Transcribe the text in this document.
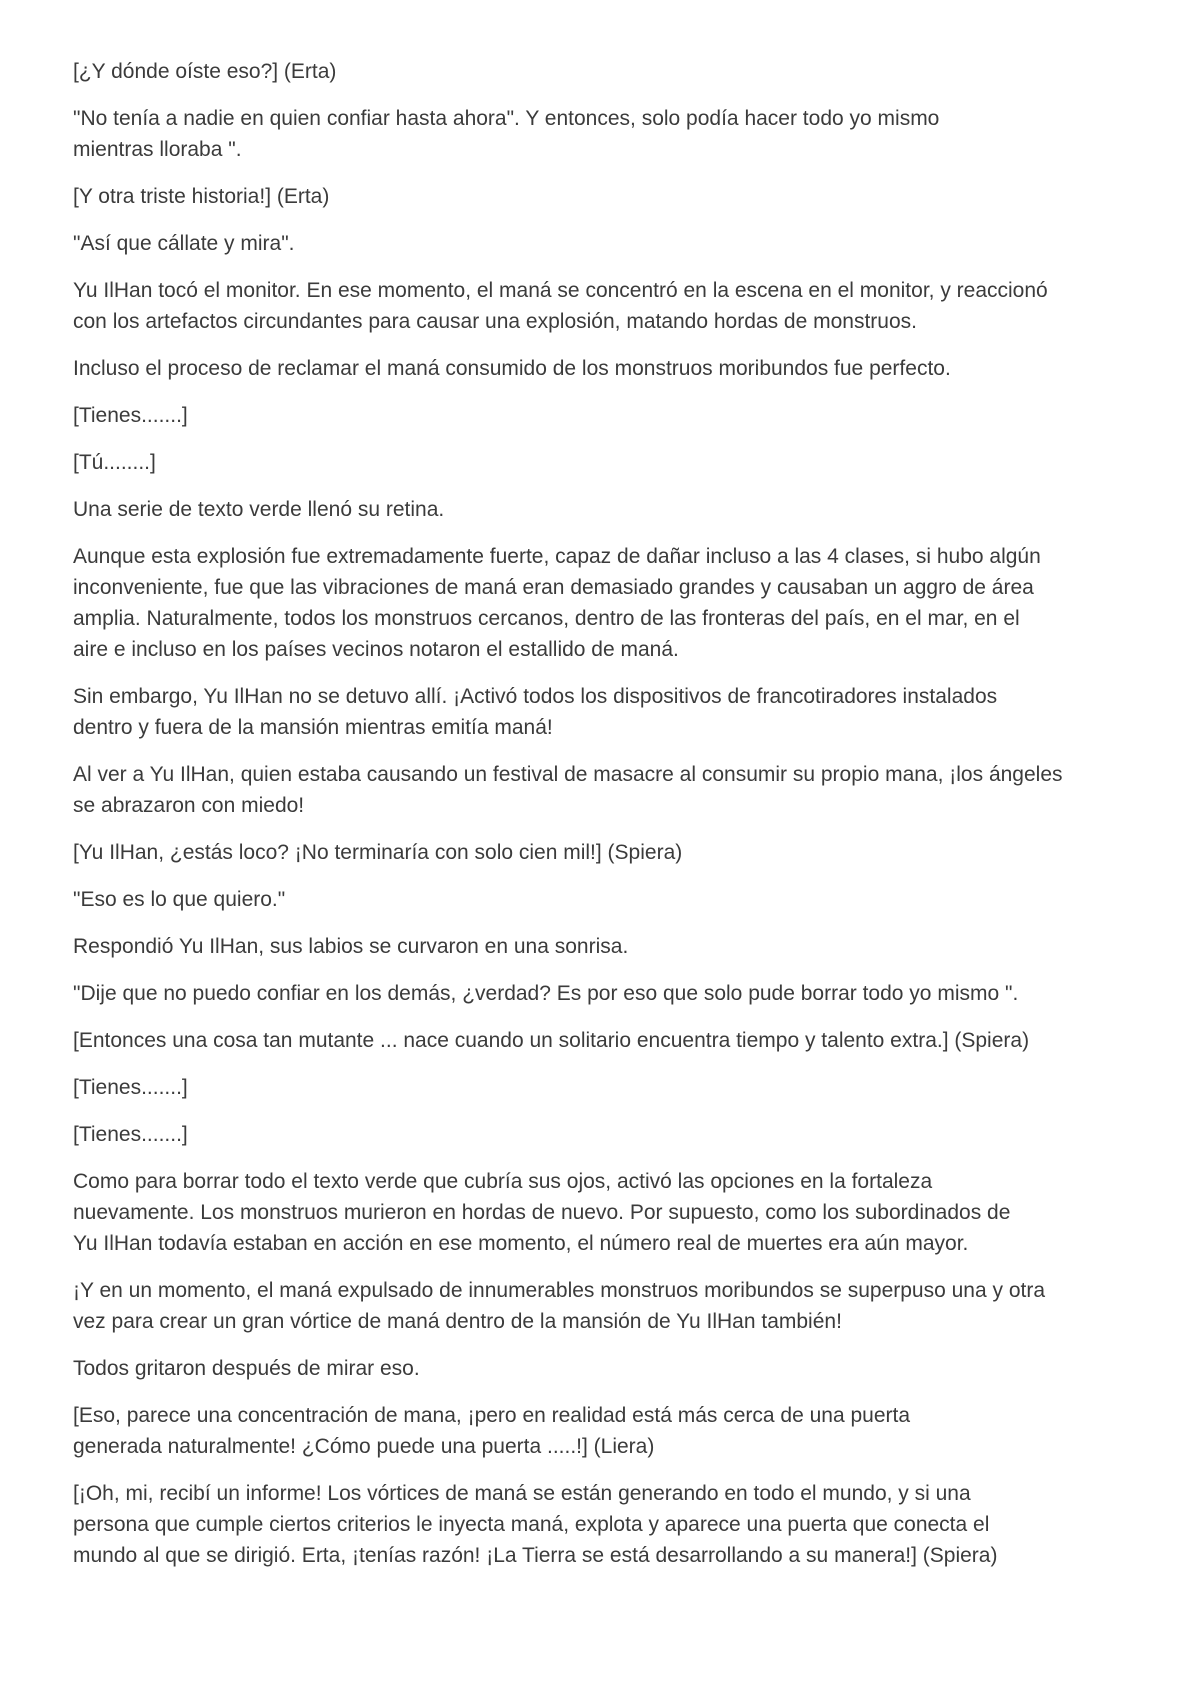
[¿Y dónde oíste eso?] (Erta)

"No tenía a nadie en quien confiar hasta ahora". Y entonces, solo podía hacer todo yo mismo
mientras lloraba ".

[Y otra triste historia!] (Erta)

"Así que cállate y mira".

Yu IlHan tocó el monitor. En ese momento, el maná se concentró en la escena en el monitor, y reaccionó
con los artefactos circundantes para causar una explosión, matando hordas de monstruos.

Incluso el proceso de reclamar el maná consumido de los monstruos moribundos fue perfecto.

[Tienes.......]

[Tú........]

Una serie de texto verde llenó su retina.

Aunque esta explosión fue extremadamente fuerte, capaz de dañar incluso a las 4 clases, si hubo algún
inconveniente, fue que las vibraciones de maná eran demasiado grandes y causaban un aggro de área
amplia. Naturalmente, todos los monstruos cercanos, dentro de las fronteras del país, en el mar, en el
aire e incluso en los países vecinos notaron el estallido de maná.

Sin embargo, Yu IlHan no se detuvo allí. ¡Activó todos los dispositivos de francotiradores instalados
dentro y fuera de la mansión mientras emitía maná!

Al ver a Yu IlHan, quien estaba causando un festival de masacre al consumir su propio mana, ¡los ángeles
se abrazaron con miedo!

[Yu IlHan, ¿estás loco? ¡No terminaría con solo cien mil!] (Spiera)

"Eso es lo que quiero."

Respondió Yu IlHan, sus labios se curvaron en una sonrisa.

"Dije que no puedo confiar en los demás, ¿verdad? Es por eso que solo pude borrar todo yo mismo ".

[Entonces una cosa tan mutante ... nace cuando un solitario encuentra tiempo y talento extra.] (Spiera)

[Tienes.......]

[Tienes.......]

Como para borrar todo el texto verde que cubría sus ojos, activó las opciones en la fortaleza
nuevamente. Los monstruos murieron en hordas de nuevo. Por supuesto, como los subordinados de
Yu IlHan todavía estaban en acción en ese momento, el número real de muertes era aún mayor.

¡Y en un momento, el maná expulsado de innumerables monstruos moribundos se superpuso una y otra
vez para crear un gran vórtice de maná dentro de la mansión de Yu IlHan también!

Todos gritaron después de mirar eso.

[Eso, parece una concentración de mana, ¡pero en realidad está más cerca de una puerta
generada naturalmente! ¿Cómo puede una puerta .....!] (Liera)

[¡Oh, mi, recibí un informe! Los vórtices de maná se están generando en todo el mundo, y si una
persona que cumple ciertos criterios le inyecta maná, explota y aparece una puerta que conecta el
mundo al que se dirigió. Erta, ¡tenías razón! ¡La Tierra se está desarrollando a su manera!] (Spiera)
